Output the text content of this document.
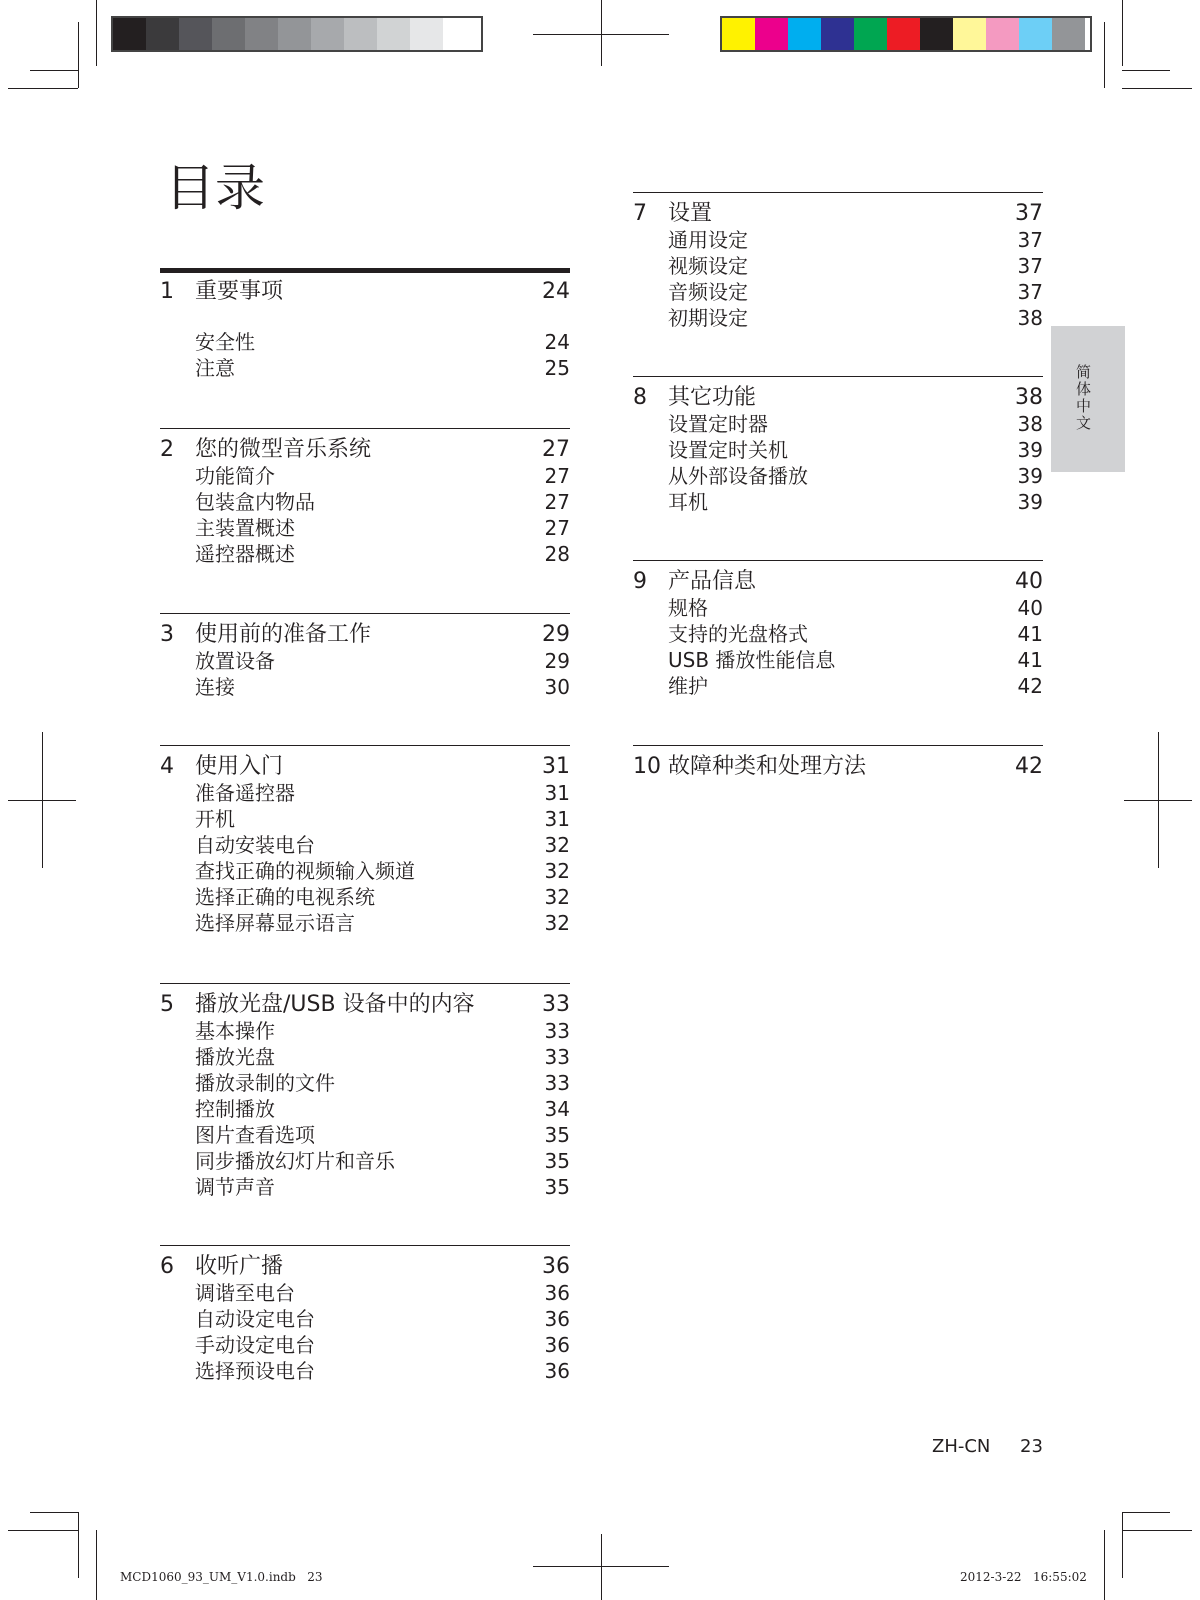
目录
简体中文
1 重要事项	24
安全性	24
注意	25
2 您的微型音乐系统	27
功能简介	27
包装盒内物品	27
主装置概述	27
遥控器概述	28
3 使用前的准备工作	29
放置设备	29
连接	30
4 使用入门	31
准备遥控器	31
开机	31
自动安装电台	32
查找正确的视频输入频道	32
选择正确的电视系统	32
选择屏幕显示语言	32
5 播放光盘/USB 设备中的内容	33
基本操作	33
播放光盘	33
播放录制的文件	33
控制播放	34
图片查看选项	35
同步播放幻灯片和音乐	35
调节声音	35
6 收听广播	36
调谐至电台	36
自动设定电台	36
手动设定电台	36
选择预设电台	36
7 设置	37
通用设定	37
视频设定	37
音频设定	37
初期设定	38
8 其它功能	38
设置定时器	38
设置定时关机	39
从外部设备播放	39
耳机	39
9 产品信息	40
规格	40
支持的光盘格式	41
USB 播放性能信息	41
维护	42
10 故障种类和处理方法	42
ZH-CN 23
MCD1060_93_UM_V1.0.indb   23	2012-3-22   16:55:02
